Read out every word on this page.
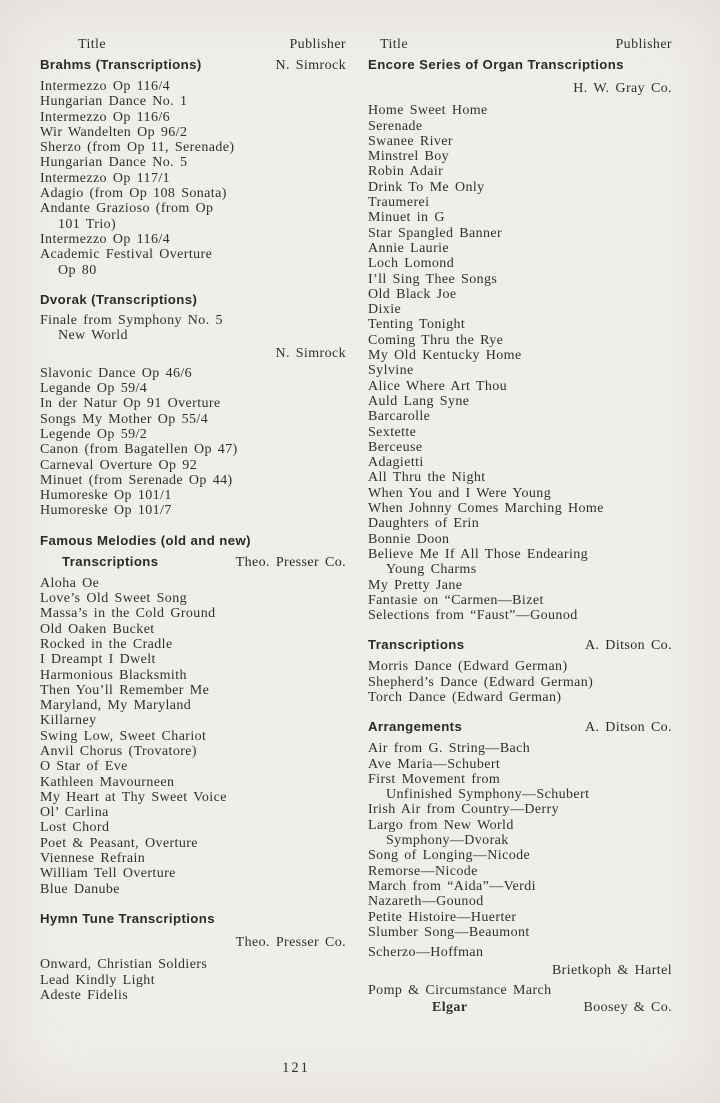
Title	Publisher
Brahms (Transcriptions)	N. Simrock
Intermezzo Op 116/4
Hungarian Dance No. 1
Intermezzo Op 116/6
Wir Wandelten Op 96/2
Sherzo (from Op 11, Serenade)
Hungarian Dance No. 5
Intermezzo Op 117/1
Adagio (from Op 108 Sonata)
Andante Grazioso (from Op
101 Trio)
Intermezzo Op 116/4
Academic Festival Overture
Op 80
Dvorak (Transcriptions)
Finale from Symphony No. 5
New World
N. Simrock
Slavonic Dance Op 46/6
Legande Op 59/4
In der Natur Op 91 Overture
Songs My Mother Op 55/4
Legende Op 59/2
Canon (from Bagatellen Op 47)
Carneval Overture Op 92
Minuet (from Serenade Op 44)
Humoreske Op 101/1
Humoreske Op 101/7
Famous Melodies (old and new)
Transcriptions	Theo. Presser Co.
Aloha Oe
Love’s Old Sweet Song
Massa’s in the Cold Ground
Old Oaken Bucket
Rocked in the Cradle
I Dreampt I Dwelt
Harmonious Blacksmith
Then You’ll Remember Me
Maryland, My Maryland
Killarney
Swing Low, Sweet Chariot
Anvil Chorus (Trovatore)
O Star of Eve
Kathleen Mavourneen
My Heart at Thy Sweet Voice
Ol’ Carlina
Lost Chord
Poet & Peasant, Overture
Viennese Refrain
William Tell Overture
Blue Danube
Hymn Tune Transcriptions
Theo. Presser Co.
Onward, Christian Soldiers
Lead Kindly Light
Adeste Fidelis
Title	Publisher
Encore Series of Organ Transcriptions
H. W. Gray Co.
Home Sweet Home
Serenade
Swanee River
Minstrel Boy
Robin Adair
Drink To Me Only
Traumerei
Minuet in G
Star Spangled Banner
Annie Laurie
Loch Lomond
I’ll Sing Thee Songs
Old Black Joe
Dixie
Tenting Tonight
Coming Thru the Rye
My Old Kentucky Home
Sylvine
Alice Where Art Thou
Auld Lang Syne
Barcarolle
Sextette
Berceuse
Adagietti
All Thru the Night
When You and I Were Young
When Johnny Comes Marching Home
Daughters of Erin
Bonnie Doon
Believe Me If All Those Endearing
Young Charms
My Pretty Jane
Fantasie on “Carmen—Bizet
Selections from “Faust”—Gounod
Transcriptions	A. Ditson Co.
Morris Dance (Edward German)
Shepherd’s Dance (Edward German)
Torch Dance (Edward German)
Arrangements	A. Ditson Co.
Air from G. String—Bach
Ave Maria—Schubert
First Movement from
Unfinished Symphony—Schubert
Irish Air from Country—Derry
Largo from New World
Symphony—Dvorak
Song of Longing—Nicode
Remorse—Nicode
March from “Aida”—Verdi
Nazareth—Gounod
Petite Histoire—Huerter
Slumber Song—Beaumont
Scherzo—Hoffman
Brietkoph & Hartel
Pomp & Circumstance March
Elgar	Boosey & Co.
121
